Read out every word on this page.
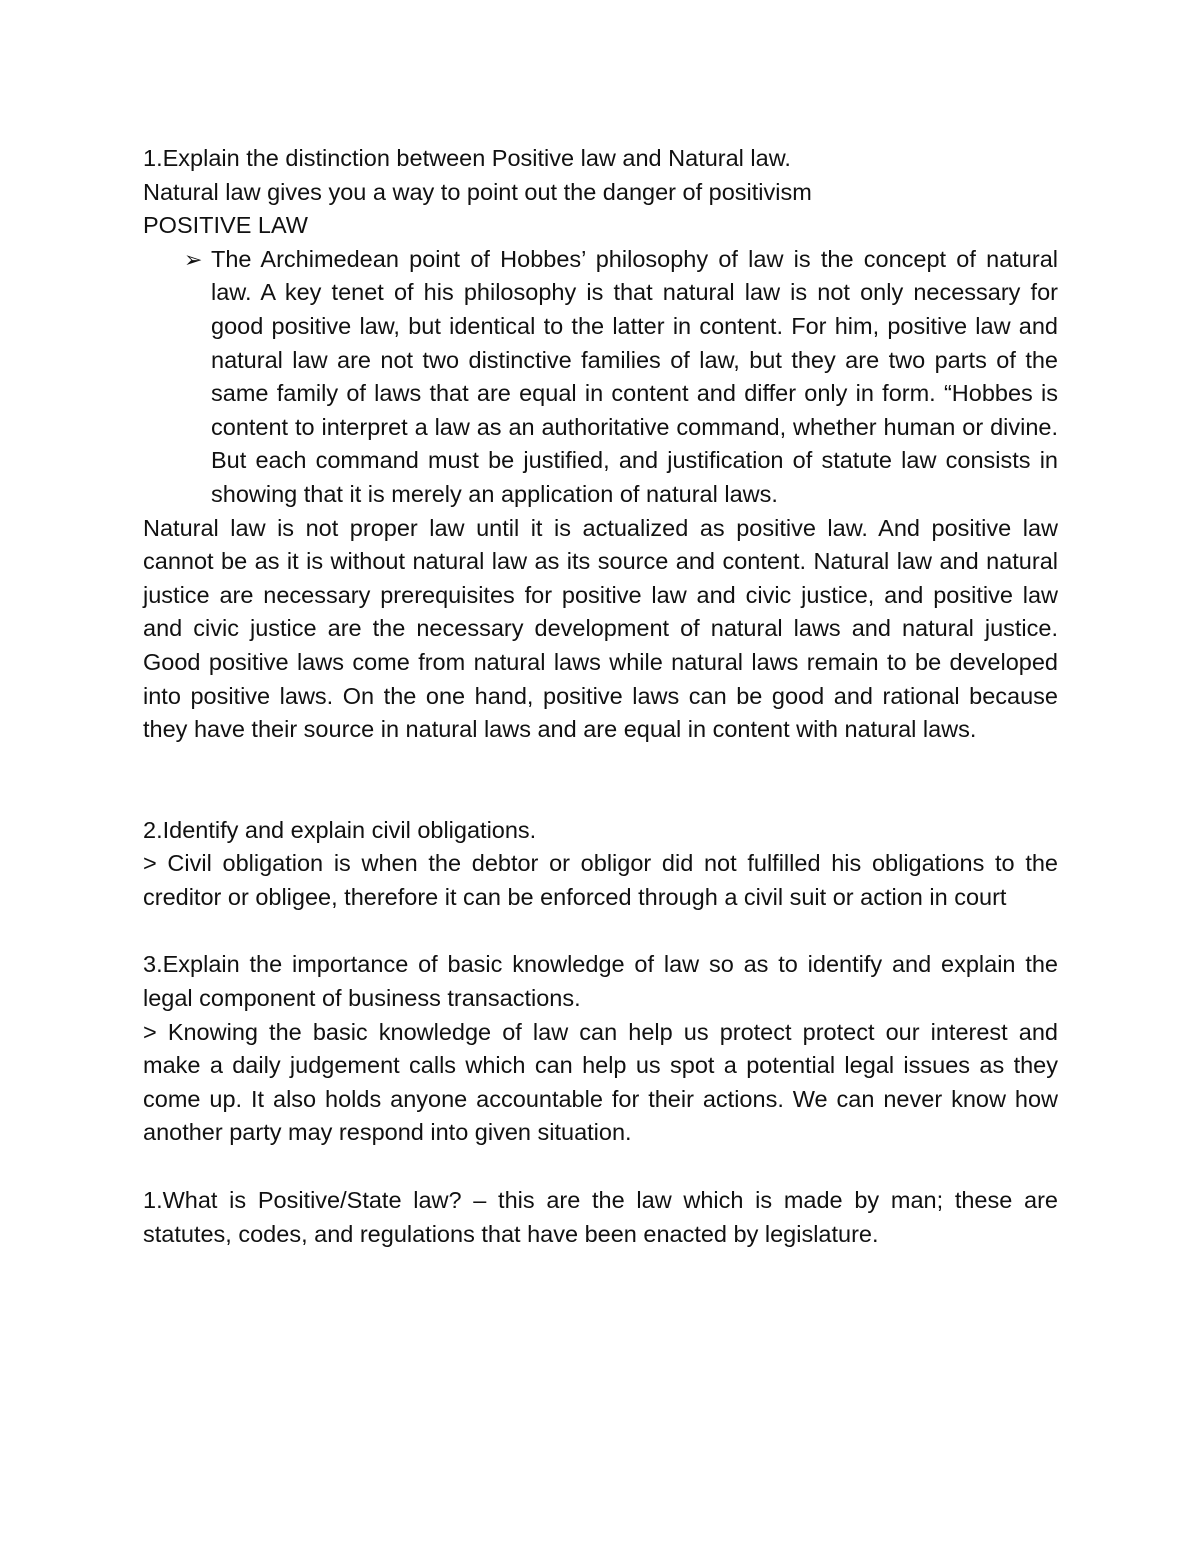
1.Explain the distinction between Positive law and Natural law.
Natural law gives you a way to point out the danger of positivism
POSITIVE LAW
➢ The Archimedean point of Hobbes’ philosophy of law is the concept of natural law. A key tenet of his philosophy is that natural law is not only necessary for good positive law, but identical to the latter in content. For him, positive law and natural law are not two distinctive families of law, but they are two parts of the same family of laws that are equal in content and differ only in form. “Hobbes is content to interpret a law as an authoritative command, whether human or divine. But each command must be justified, and justification of statute law consists in showing that it is merely an application of natural laws.
Natural law is not proper law until it is actualized as positive law. And positive law cannot be as it is without natural law as its source and content. Natural law and natural justice are necessary prerequisites for positive law and civic justice, and positive law and civic justice are the necessary development of natural laws and natural justice. Good positive laws come from natural laws while natural laws remain to be developed into positive laws. On the one hand, positive laws can be good and rational because they have their source in natural laws and are equal in content with natural laws.
2.Identify and explain civil obligations.
> Civil obligation is when the debtor or obligor did not fulfilled his obligations to the creditor or obligee, therefore it can be enforced through a civil suit or action in court
3.Explain the importance of basic knowledge of law so as to identify and explain the legal component of business transactions.
> Knowing the basic knowledge of law can help us protect protect our interest and make a daily judgement calls which can help us spot a potential legal issues as they come up. It also holds anyone accountable for their actions. We can never know how another party may respond into given situation.
1.What is Positive/State law? – this are the law which is made by man; these are statutes, codes, and regulations that have been enacted by legislature.
